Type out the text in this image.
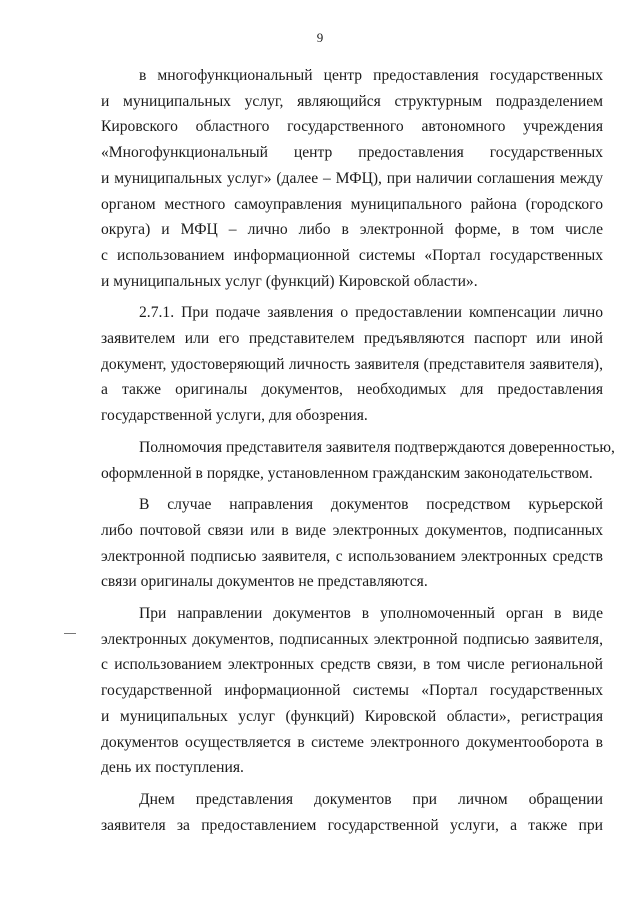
9
в многофункциональный центр предоставления государственных
и муниципальных услуг, являющийся структурным подразделением
Кировского областного государственного автономного учреждения
«Многофункциональный центр предоставления государственных
и муниципальных услуг» (далее – МФЦ), при наличии соглашения между
органом местного самоуправления муниципального района (городского
округа) и МФЦ – лично либо в электронной форме, в том числе
с использованием информационной системы «Портал государственных
и муниципальных услуг (функций) Кировской области».
2.7.1. При подаче заявления о предоставлении компенсации лично
заявителем или его представителем предъявляются паспорт или иной
документ, удостоверяющий личность заявителя (представителя заявителя),
а также оригиналы документов, необходимых для предоставления
государственной услуги, для обозрения.
Полномочия представителя заявителя подтверждаются доверенностью,
оформленной в порядке, установленном гражданским законодательством.
В случае направления документов посредством курьерской
либо почтовой связи или в виде электронных документов, подписанных
электронной подписью заявителя, с использованием электронных средств
связи оригиналы документов не представляются.
При направлении документов в уполномоченный орган в виде
электронных документов, подписанных электронной подписью заявителя,
с использованием электронных средств связи, в том числе региональной
государственной информационной системы «Портал государственных
и муниципальных услуг (функций) Кировской области», регистрация
документов осуществляется в системе электронного документооборота в
день их поступления.
Днем представления документов при личном обращении
заявителя за предоставлением государственной услуги, а также при
